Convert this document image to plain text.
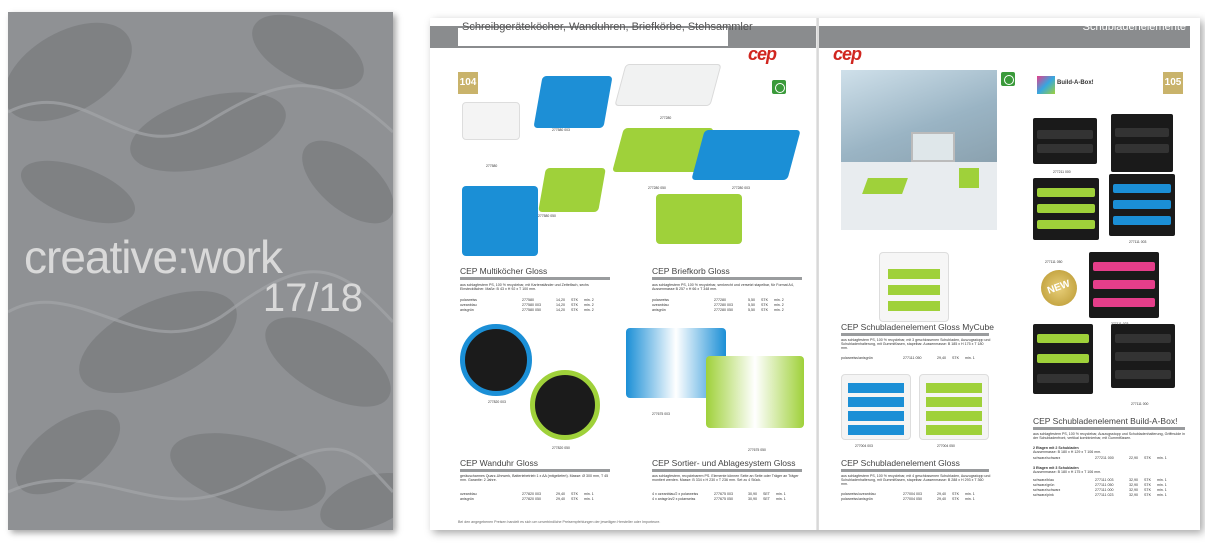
creative:work
17/18
Schreibgeräteköcher, Wanduhren, Briefkörbe, Stehsammler
cep
104
277580
277580 003
277580 050
277280
277280 050	277280 003
CEP Multiköcher Gloss
aus schlagfestem PS, 100 % recyclebar, mit Kartenständer und Zettelfach, sechs Einsteckfächer. Maße: B 43 x H 92 x T 100 mm.
polarweiss	277580	14,20 STK min. 2
ozeanblau	277580 003	14,20 STK min. 2
anisgrün	277580 050	14,20 STK min. 2
CEP Briefkorb Gloss
aus schlagfestem PS, 100 % recyclebar, senkrecht und versetzt stapelbar, für Format A4, Aussenmasse B 257 x H 66 x T 348 mm.
polarweiss	277280	5,50 STK min. 2
ozeanblau	277280 003	5,50 STK min. 2
anisgrün	277280 050	5,50 STK min. 2
277820 003
277820 050
277675 003
277675 050
CEP Wanduhr Gloss
geräuscharmes Quarz-Uhrwerk, Batteriebetrieb 1 x AA (mitgeliefert). Masse: Ø 300 mm, T 45 mm. Garantie: 2 Jahre.
ozeanblau	277820 003	29,40 STK min. 1
anisgrün	277820 050	29,40 STK min. 1
CEP Sortier- und Ablagesystem Gloss
aus schlagfestem, recyclebarem PS. Elemente können Seite an Seite oder Träger an Träger montiert werden. Masse: B 334 x H 230 x T 236 mm. Set zu 4 Stück.
4 x ozeanblau/2 x polarweiss	277675 003	30,90 SET min. 1
4 x anisgrün/2 x polarweiss	277675 050	30,90 SET min. 1
Bei den angegebenen Preisen handelt es sich um unverbindliche Preisempfehlungen der jeweiligen Hersteller oder Importeure.
Schubladenelemente
cep
105
Build-A-Box!
NEW
277211 000
277111 003
277111 050
277111 023
277111 000
CEP Schubladenelement Gloss MyCube
aus schlagfestem PS, 100 % recyclebar, mit 3 geschlossenen Schubladen, Auszugsstopp und Schubladenhalterung, mit Gummifüssen, stapelbar. Aussenmasse: B 185 x H 175 x T 180 mm.
polarweiss/anisgrün	277111 050	29,40 STK min. 1
277004 003	277004 050
CEP Schubladenelement Gloss
aus schlagfestem PS, 100 % recyclebar, mit 4 geschlossenen Schubladen, Auszugsstopp und Schubladenhalterung, mit Gummifüssen, stapelbar. Aussenmasse: B 288 x H 293 x T 360 mm.
polarweiss/ozeanblau	277004 003	29,40 STK min. 1
polarweiss/anisgrün	277004 050	29,40 STK min. 1
CEP Schubladenelement Build-A-Box!
aus schlagfestem PS, 100 % recyclebar, Auszugsstopp und Schubladenhalterung, Griffmulde in der Schubladenfront, vertikal kombinierbar, mit Gummifüssen.
2 Etagen mit 2 Schubladen
Aussenmasse: B 180 x H 129 x T 106 mm.
schwarz/schwarz	277211 000	22,90 STK min. 1
3 Etagen mit 3 Schubladen
Aussenmasse: B 180 x H 175 x T 106 mm.
schwarz/blau	277111 003	32,90 STK min. 1
schwarz/grün	277111 050	32,90 STK min. 1
schwarz/schwarz	277111 000	32,90 STK min. 1
schwarz/pink	277111 023	32,90 STK min. 1
